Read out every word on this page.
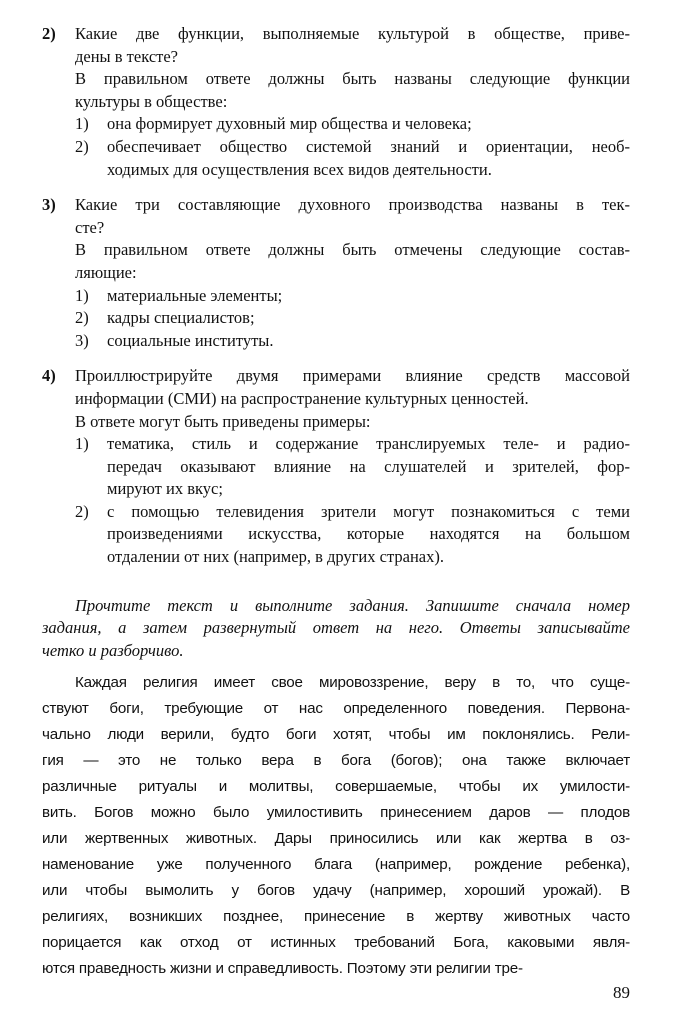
2) Какие две функции, выполняемые культурой в обществе, приве-
дены в тексте?
В правильном ответе должны быть названы следующие функции
культуры в обществе:
1) она формирует духовный мир общества и человека;
2) обеспечивает общество системой знаний и ориентации, необ-
ходимых для осуществления всех видов деятельности.
3) Какие три составляющие духовного производства названы в тек-
сте?
В правильном ответе должны быть отмечены следующие состав-
ляющие:
1) материальные элементы;
2) кадры специалистов;
3) социальные институты.
4) Проиллюстрируйте двумя примерами влияние средств массовой
информации (СМИ) на распространение культурных ценностей.
В ответе могут быть приведены примеры:
1) тематика, стиль и содержание транслируемых теле- и радио-
передач оказывают влияние на слушателей и зрителей, фор-
мируют их вкус;
2) с помощью телевидения зрители могут познакомиться с теми
произведениями искусства, которые находятся на большом
отдалении от них (например, в других странах).
Прочтите текст и выполните задания. Запишите сначала номер
задания, а затем развернутый ответ на него. Ответы записывайте
четко и разборчиво.
Каждая религия имеет свое мировоззрение, веру в то, что суще-
ствуют боги, требующие от нас определенного поведения. Первона-
чально люди верили, будто боги хотят, чтобы им поклонялись. Рели-
гия — это не только вера в бога (богов); она также включает
различные ритуалы и молитвы, совершаемые, чтобы их умилости-
вить. Богов можно было умилостивить принесением даров — плодов
или жертвенных животных. Дары приносились или как жертва в оз-
наменование уже полученного блага (например, рождение ребенка),
или чтобы вымолить у богов удачу (например, хороший урожай). В
религиях, возникших позднее, принесение в жертву животных часто
порицается как отход от истинных требований Бога, каковыми явля-
ются праведность жизни и справедливость. Поэтому эти религии тре-
89
